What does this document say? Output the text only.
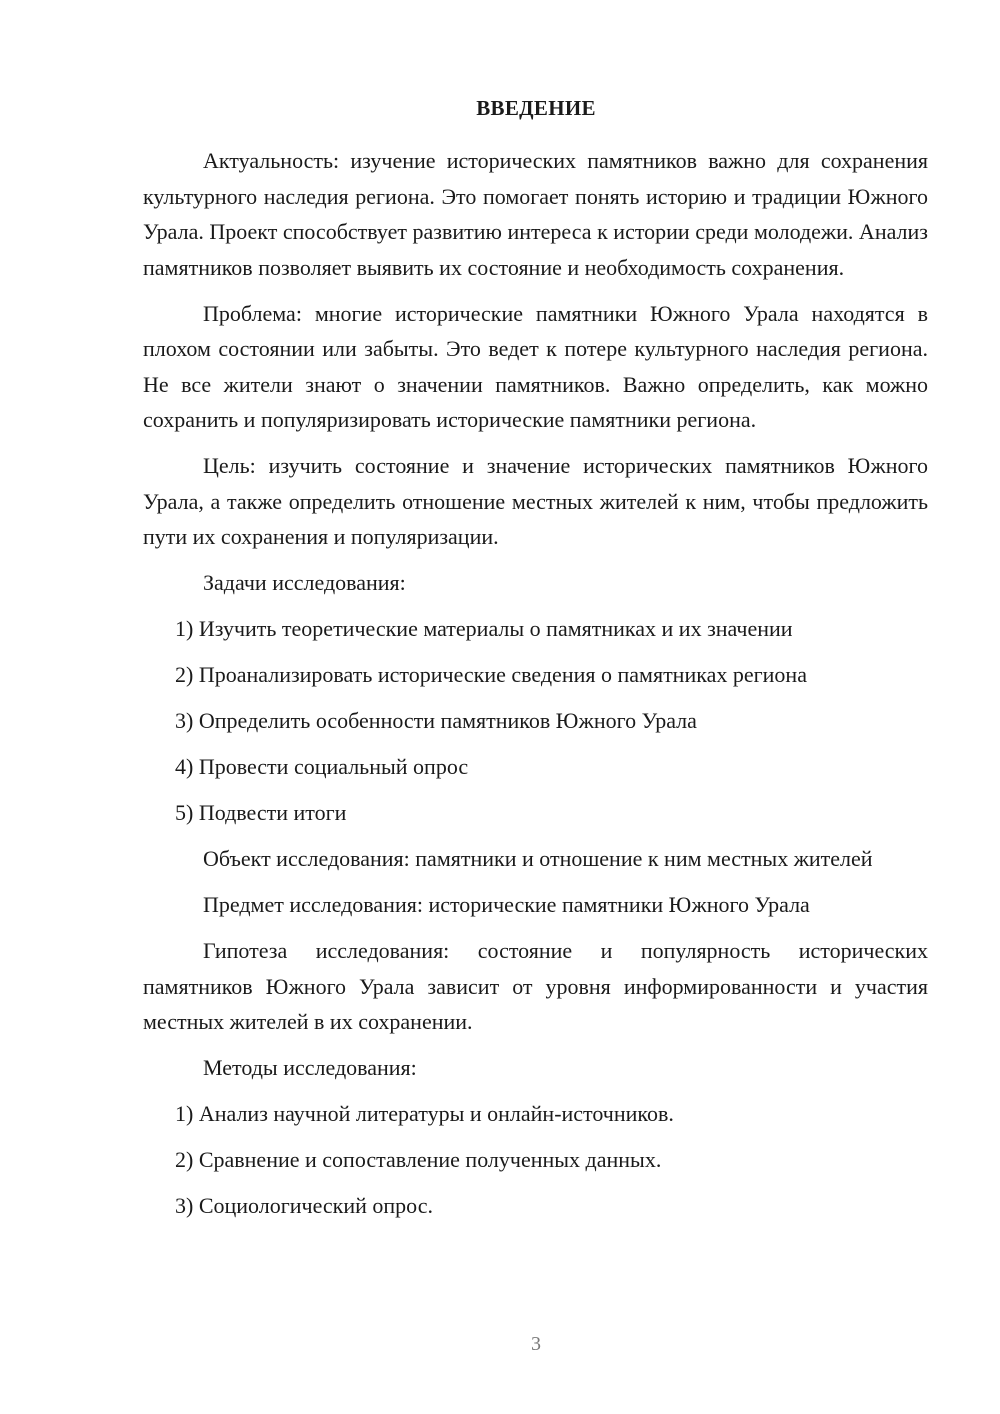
ВВЕДЕНИЕ

Актуальность: изучение исторических памятников важно для сохранения культурного наследия региона. Это помогает понять историю и традиции Южного Урала. Проект способствует развитию интереса к истории среди молодежи. Анализ памятников позволяет выявить их состояние и необходимость сохранения.

Проблема: многие исторические памятники Южного Урала находятся в плохом состоянии или забыты. Это ведет к потере культурного наследия региона. Не все жители знают о значении памятников. Важно определить, как можно сохранить и популяризировать исторические памятники региона.

Цель: изучить состояние и значение исторических памятников Южного Урала, а также определить отношение местных жителей к ним, чтобы предложить пути их сохранения и популяризации.

Задачи исследования:

1) Изучить теоретические материалы о памятниках и их значении

2) Проанализировать исторические сведения о памятниках региона

3) Определить особенности памятников Южного Урала

4) Провести социальный опрос

5) Подвести итоги

Объект исследования: памятники и отношение к ним местных жителей

Предмет исследования: исторические памятники Южного Урала

Гипотеза исследования: состояние и популярность исторических памятников Южного Урала зависит от уровня информированности и участия местных жителей в их сохранении.

Методы исследования:

1) Анализ научной литературы и онлайн-источников.

2) Сравнение и сопоставление полученных данных.

3) Социологический опрос.

3
